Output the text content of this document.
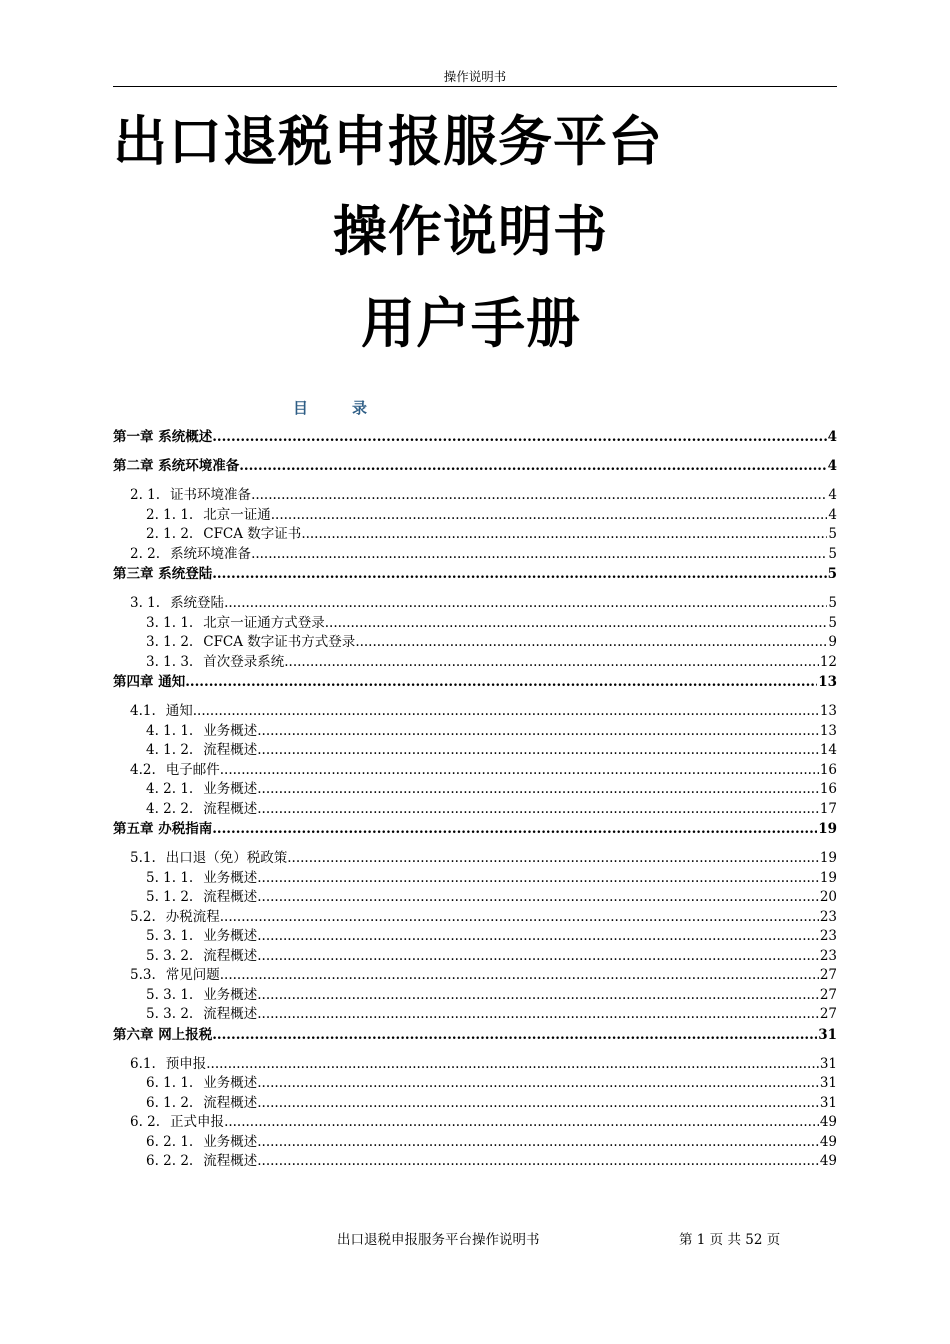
操作说明书
出口退税申报服务平台
操作说明书
用户手册
目	录
第一章 系统概述 .....	4
第二章 系统环境准备 .....	4
2. 1. 证书环境准备 .....	4
2. 1. 1. 北京一证通 .....	4
2. 1. 2. CFCA 数字证书 .....	5
2. 2. 系统环境准备 .....	5
第三章 系统登陆 .....	5
3. 1. 系统登陆 .....	5
3. 1. 1. 北京一证通方式登录 .....	5
3. 1. 2. CFCA 数字证书方式登录 .....	9
3. 1. 3. 首次登录系统 .....	12
第四章 通知 .....	13
4.1. 通知 .....	13
4. 1. 1. 业务概述 .....	13
4. 1. 2. 流程概述 .....	14
4.2. 电子邮件 .....	16
4. 2. 1. 业务概述 .....	16
4. 2. 2. 流程概述 .....	17
第五章 办税指南 .....	19
5.1. 出口退（免）税政策 .....	19
5. 1. 1. 业务概述 .....	19
5. 1. 2. 流程概述 .....	20
5.2. 办税流程 .....	23
5. 3. 1. 业务概述 .....	23
5. 3. 2. 流程概述 .....	23
5.3. 常见问题 .....	27
5. 3. 1. 业务概述 .....	27
5. 3. 2. 流程概述 .....	27
第六章 网上报税 .....	31
6.1. 预申报 .....	31
6. 1. 1. 业务概述 .....	31
6. 1. 2. 流程概述 .....	31
6. 2. 正式申报 .....	49
6. 2. 1. 业务概述 .....	49
6. 2. 2. 流程概述 .....	49
出口退税申报服务平台操作说明书	第 1 页 共 52 页
